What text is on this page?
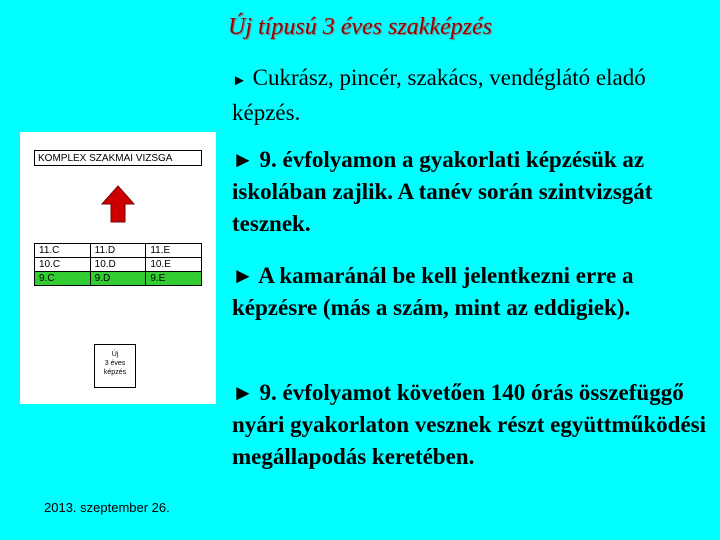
Új típusú 3 éves szakképzés
KOMPLEX SZAKMAI VIZSGA
11.C	11.D	11.E
10.C	10.D	10.E
9.C	9.D	9.E
Új
3 éves
képzés
► Cukrász, pincér, szakács, vendéglátó eladó képzés.
► 9. évfolyamon a gyakorlati képzésük az iskolában zajlik. A tanév során szintvizsgát tesznek.
► A kamaránál be kell jelentkezni erre a képzésre (más a szám, mint az eddigiek).
► 9. évfolyamot követően 140 órás összefüggő nyári gyakorlaton vesznek részt együttműködési megállapodás keretében.
2013. szeptember 26.
